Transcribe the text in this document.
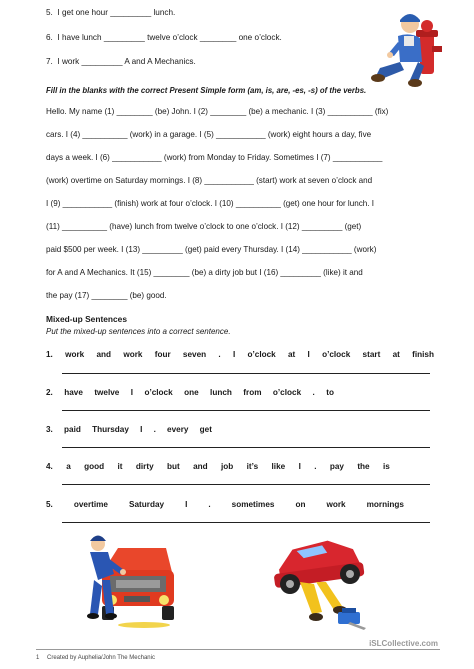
5. I get one hour _________ lunch.
6. I have lunch _________ twelve o’clock ________ one o’clock.
7. I work _________ A and A Mechanics.
Fill in the blanks with the correct Present Simple form (am, is, are, -es, -s) of the verbs.
Hello. My name (1) ________ (be) John. I (2) ________ (be) a mechanic. I (3) __________ (fix)
cars. I (4) __________ (work) in a garage. I (5) ___________ (work) eight hours a day, five
days a week. I (6) ___________ (work) from Monday to Friday. Sometimes I (7) ___________
(work) overtime on Saturday mornings. I (8) ___________ (start) work at seven o’clock and
I (9) ___________ (finish) work at four o’clock. I (10) __________ (get) one hour for lunch. I
(11) __________ (have) lunch from twelve o’clock to one o’clock. I (12) _________ (get)
paid $500 per week. I (13) _________ (get) paid every Thursday. I (14) ___________ (work)
for A and A Mechanics. It (15) ________ (be) a dirty job but I (16) _________ (like) it and
the pay (17) ________ (be) good.
Mixed-up Sentences
Put the mixed-up sentences into a correct sentence.
1. work and work four seven . I o’clock at I o’clock start at finish
2. have twelve I o’clock one lunch from o’clock . to
3. paid Thursday I . every get
4. a good it dirty but and job it’s like I . pay the is
5.	overtime	Saturday	I	.	sometimes	on	work	mornings
iSLCollective.com
1 Created by Auphelia/John The Mechanic
